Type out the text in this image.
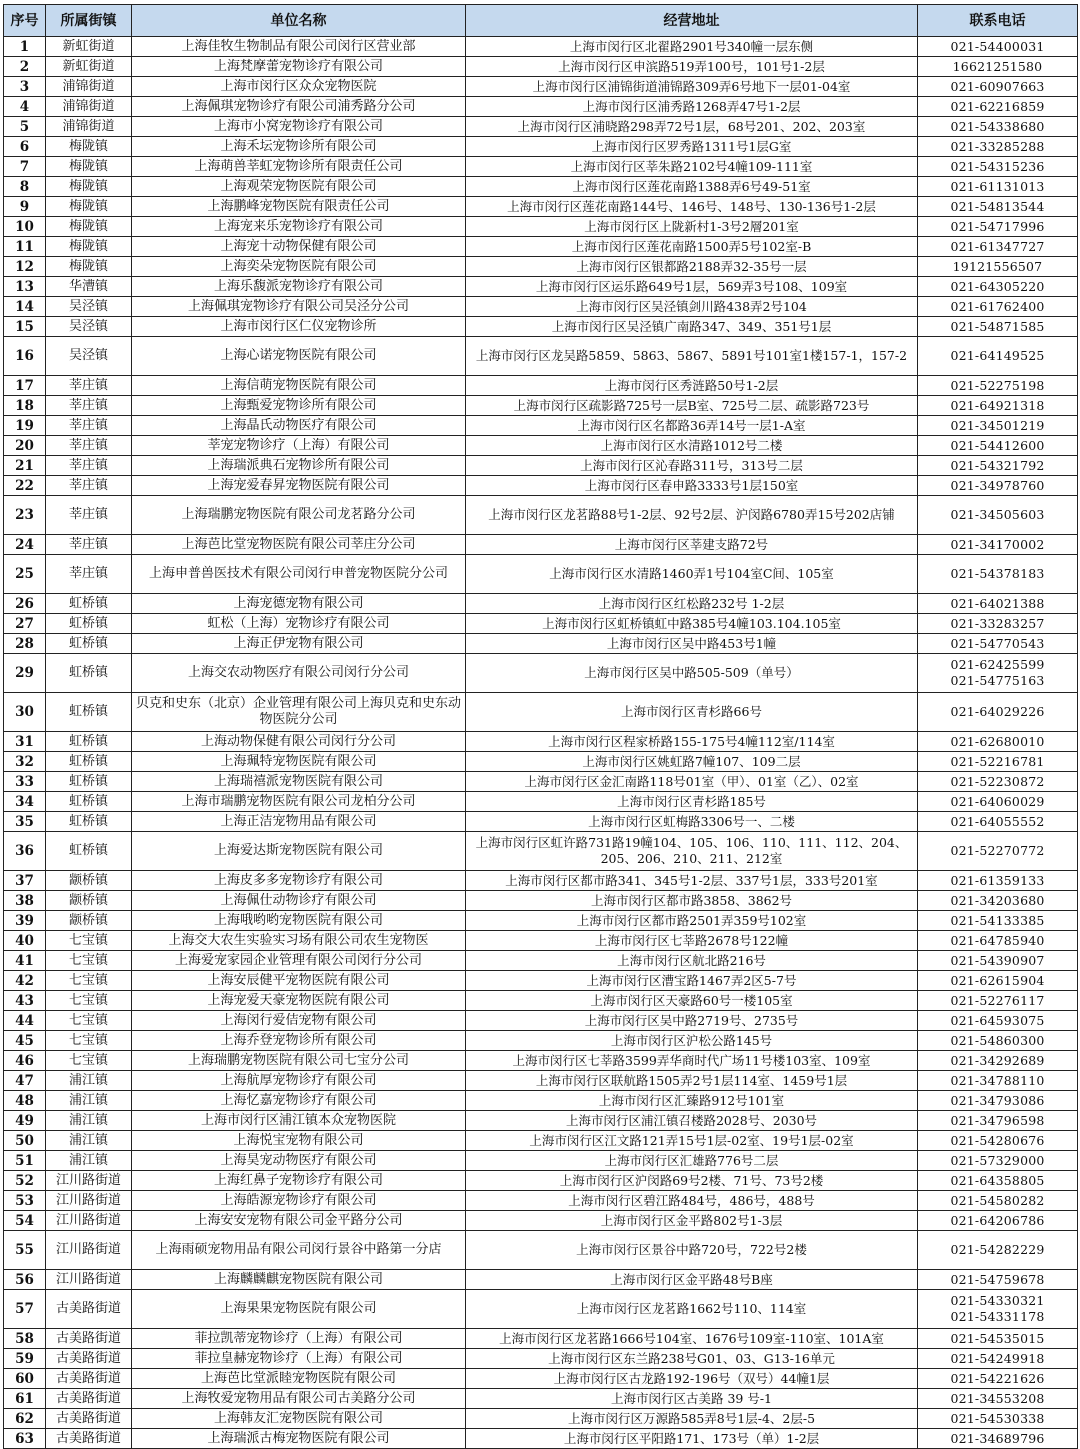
序号	所属街镇	单位名称	经营地址	联系电话
1	新虹街道	上海佳牧生物制品有限公司闵行区营业部	上海市闵行区北翟路2901号340幢一层东侧	021-54400031
2	新虹街道	上海梵摩蕾宠物诊疗有限公司	上海市闵行区申滨路519弄100号，101号1-2层	16621251580
3	浦锦街道	上海市闵行区众众宠物医院	上海市闵行区浦锦街道浦锦路309弄6号地下一层01-04室	021-60907663
4	浦锦街道	上海佩琪宠物诊疗有限公司浦秀路分公司	上海市闵行区浦秀路1268弄47号1-2层	021-62216859
5	浦锦街道	上海市小窝宠物诊疗有限公司	上海市闵行区浦晓路298弄72号1层，68号201、202、203室	021-54338680
6	梅陇镇	上海禾坛宠物诊所有限公司	上海市闵行区罗秀路1311号1层G室	021-33285288
7	梅陇镇	上海萌兽莘虹宠物诊所有限责任公司	上海市闵行区莘朱路2102号4幢109-111室	021-54315236
8	梅陇镇	上海观荣宠物医院有限公司	上海市闵行区莲花南路1388弄6号49-51室	021-61131013
9	梅陇镇	上海鹏峰宠物医院有限责任公司	上海市闵行区莲花南路144号、146号、148号、130-136号1-2层	021-54813544
10	梅陇镇	上海宠来乐宠物诊疗有限公司	上海市闵行区上陇新村1-3号2層201室	021-54717996
11	梅陇镇	上海宠十动物保健有限公司	上海市闵行区莲花南路1500弄5号102室-B	021-61347727
12	梅陇镇	上海奕朵宠物医院有限公司	上海市闵行区银都路2188弄32-35号一层	19121556507
13	华漕镇	上海乐馥派宠物诊疗有限公司	上海市闵行区运乐路649号1层，569弄3号108、109室	021-64305220
14	吴泾镇	上海佩琪宠物诊疗有限公司吴泾分公司	上海市闵行区吴泾镇剑川路438弄2号104	021-61762400
15	吴泾镇	上海市闵行区仁仪宠物诊所	上海市闵行区吴泾镇广南路347、349、351号1层	021-54871585
16	吴泾镇	上海心诺宠物医院有限公司	上海市闵行区龙吴路5859、5863、5867、5891号101室1楼157-1，157-2	021-64149525
17	莘庄镇	上海信萌宠物医院有限公司	上海市闵行区秀涟路50号1-2层	021-52275198
18	莘庄镇	上海甄爱宠物诊所有限公司	上海市闵行区疏影路725号一层B室、725号二层、疏影路723号	021-64921318
19	莘庄镇	上海晶氏动物医疗有限公司	上海市闵行区名都路36弄14号一层1-A室	021-34501219
20	莘庄镇	莘宠宠物诊疗（上海）有限公司	上海市闵行区水清路1012号二楼	021-54412600
21	莘庄镇	上海瑞派典石宠物诊所有限公司	上海市闵行区沁春路311号，313号二层	021-54321792
22	莘庄镇	上海宠爱春昇宠物医院有限公司	上海市闵行区春申路3333号1层150室	021-34978760
23	莘庄镇	上海瑞鹏宠物医院有限公司龙茗路分公司	上海市闵行区龙茗路88号1-2层、92号2层、沪闵路6780弄15号202店铺	021-34505603
24	莘庄镇	上海芭比堂宠物医院有限公司莘庄分公司	上海市闵行区莘建支路72号	021-34170002
25	莘庄镇	上海申普兽医技术有限公司闵行申普宠物医院分公司	上海市闵行区水清路1460弄1号104室C间、105室	021-54378183
26	虹桥镇	上海宠德宠物有限公司	上海市闵行区红松路232号 1-2层	021-64021388
27	虹桥镇	虹松（上海）宠物诊疗有限公司	上海市闵行区虹桥镇虹中路385号4幢103.104.105室	021-33283257
28	虹桥镇	上海正伊宠物有限公司	上海市闵行区吴中路453号1幢	021-54770543
29	虹桥镇	上海交农动物医疗有限公司闵行分公司	上海市闵行区吴中路505-509（单号）	021-62425599
021-54775163

30	虹桥镇	贝克和史东（北京）企业管理有限公司上海贝克和史东动物医院分公司	上海市闵行区青杉路66号	021-64029226
31	虹桥镇	上海动物保健有限公司闵行分公司	上海市闵行区程家桥路155-175号4幢112室/114室	021-62680010
32	虹桥镇	上海珮特宠物医院有限公司	上海市闵行区姚虹路7幢107、109二层	021-52216781
33	虹桥镇	上海瑞禧派宠物医院有限公司	上海市闵行区金汇南路118号01室（甲）、01室（乙）、02室	021-52230872
34	虹桥镇	上海市瑞鹏宠物医院有限公司龙柏分公司	上海市闵行区青杉路185号	021-64060029
35	虹桥镇	上海正洁宠物用品有限公司	上海市闵行区虹梅路3306号一、二楼	021-64055552
36	虹桥镇	上海爱达斯宠物医院有限公司	上海市闵行区虹许路731路19幢104、105、106、110、111、112、204、205、206、210、211、212室	021-52270772
37	颛桥镇	上海皮多多宠物诊疗有限公司	上海市闵行区都市路341、345号1-2层、337号1层，333号201室	021-61359133
38	颛桥镇	上海佩仕动物诊疗有限公司	上海市闵行区都市路3858、3862号	021-34203680
39	颛桥镇	上海哦哟哟宠物医院有限公司	上海市闵行区都市路2501弄359号102室	021-54133385
40	七宝镇	上海交大农生实验实习场有限公司农生宠物医	上海市闵行区七莘路2678号122幢	021-64785940
41	七宝镇	上海爱宠家园企业管理有限公司闵行分公司	上海市闵行区航北路216号	021-54390907
42	七宝镇	上海安辰健平宠物医院有限公司	上海市闵行区漕宝路1467弄2区5-7号	021-62615904
43	七宝镇	上海宠爱天豪宠物医院有限公司	上海市闵行区天豪路60号一楼105室	021-52276117
44	七宝镇	上海闵行爱佶宠物有限公司	上海市闵行区吴中路2719号、2735号	021-64593075
45	七宝镇	上海乔登宠物诊所有限公司	上海市闵行区沪松公路145号	021-54860300
46	七宝镇	上海瑞鹏宠物医院有限公司七宝分公司	上海市闵行区七莘路3599弄华商时代广场11号楼103室、109室	021-34292689
47	浦江镇	上海航厚宠物诊疗有限公司	上海市闵行区联航路1505弄2号1层114室、1459号1层	021-34788110
48	浦江镇	上海忆嘉宠物诊疗有限公司	上海市闵行区汇臻路912号101室	021-34793086
49	浦江镇	上海市闵行区浦江镇本众宠物医院	上海市闵行区浦江镇召楼路2028号、2030号	021-34796598
50	浦江镇	上海悦宝宠物有限公司	上海市闵行区江文路121弄15号1层-02室、19号1层-02室	021-54280676
51	浦江镇	上海昊宠动物医疗有限公司	上海市闵行区汇雄路776号二层	021-57329000
52	江川路街道	上海红鼻子宠物诊疗有限公司	上海市闵行区沪闵路69号2楼、71号、73号2楼	021-64358805
53	江川路街道	上海皓源宠物诊疗有限公司	上海市闵行区碧江路484号，486号，488号	021-54580282
54	江川路街道	上海安安宠物有限公司金平路分公司	上海市闵行区金平路802号1-3层	021-64206786
55	江川路街道	上海雨硕宠物用品有限公司闵行景谷中路第一分店	上海市闵行区景谷中路720号，722号2楼	021-54282229
56	江川路街道	上海麟麟麒宠物医院有限公司	上海市闵行区金平路48号B座	021-54759678
57	古美路街道	上海果果宠物医院有限公司	上海市闵行区龙茗路1662号110、114室	021-54330321
021-54331178

58	古美路街道	菲拉凯蒂宠物诊疗（上海）有限公司	上海市闵行区龙茗路1666号104室、1676号109室-110室、101A室	021-54535015
59	古美路街道	菲拉皇赫宠物诊疗（上海）有限公司	上海市闵行区东兰路238号G01、03、G13-16单元	021-54249918
60	古美路街道	上海芭比堂派睦宠物医院有限公司	上海市闵行区古龙路192-196号（双号）44幢1层	021-54221626
61	古美路街道	上海牧爱宠物用品有限公司古美路分公司	上海市闵行区古美路 39 号-1	021-34553208
62	古美路街道	上海韩友汇宠物医院有限公司	上海市闵行区万源路585弄8号1层-4、2层-5	021-54530338
63	古美路街道	上海瑞派古梅宠物医院有限公司	上海市闵行区平阳路171、173号（单）1-2层	021-34689796
